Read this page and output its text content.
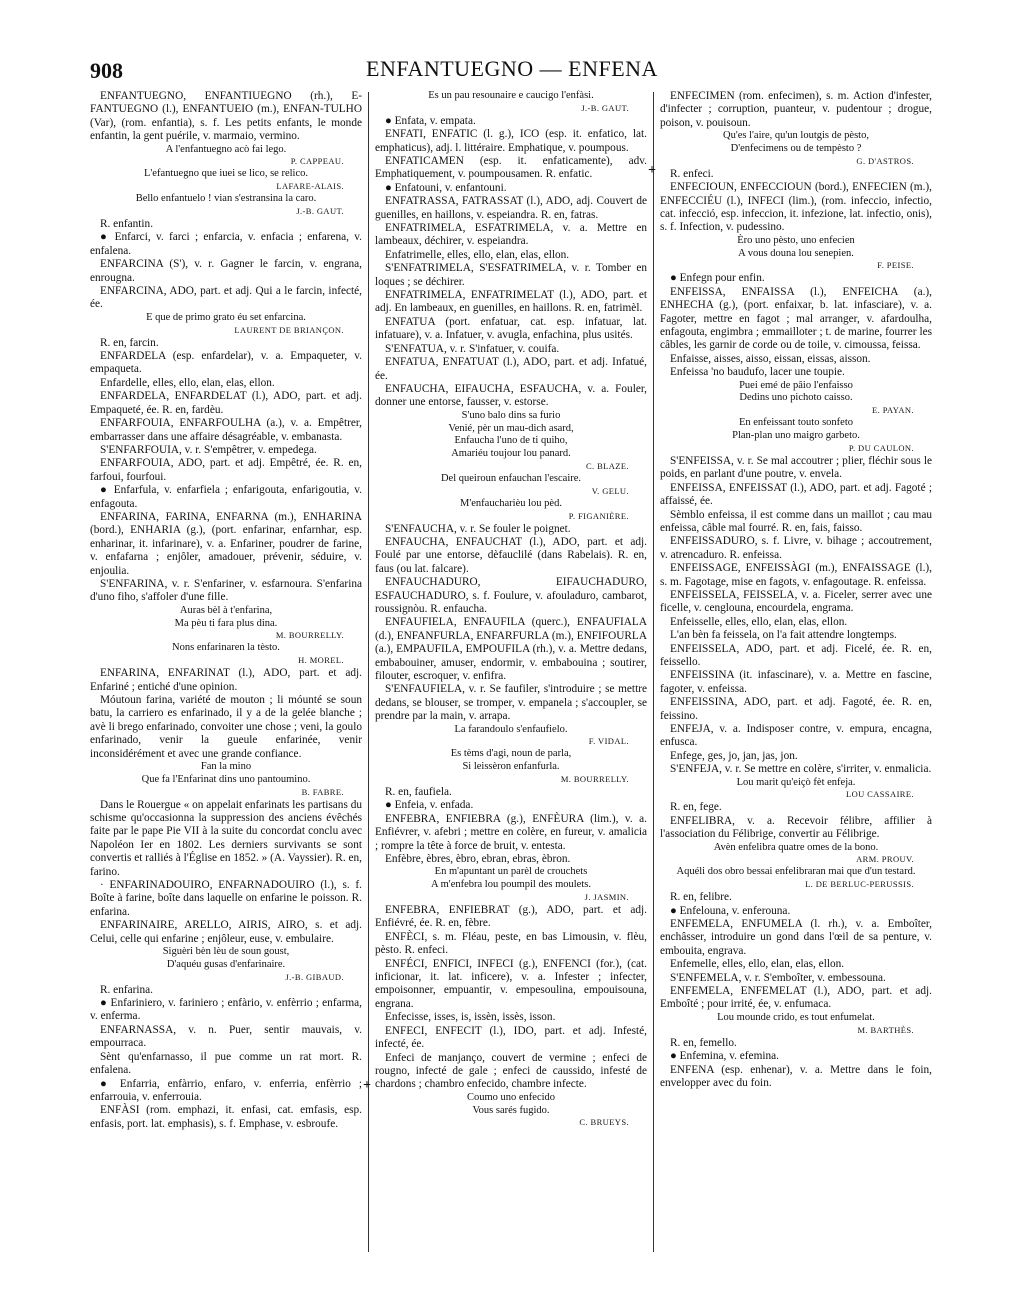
908	ENFANTUEGNO — ENFENA
+
+

ENFANTUEGNO, ENFANTIUEGNO (rh.), E-FANTUEGNO (l.), ENFANTUEIO (m.), ENFAN-TULHO (Var), (rom. enfantia), s. f. Les petits enfants, le monde enfantin, la gent puérile, v. marmaio, vermino.

A l'enfantuegno acò fai lego.

P. CAPPEAU.

L'efantuegno que iuei se lico, se relico.

LAFARE-ALAIS.

Bello enfantuelo ! vian s'estransina la caro.

J.-B. GAUT.

R. enfantin.

● Enfarci, v. farci ; enfarcia, v. enfacia ; enfarena, v. enfalena.

ENFARCINA (S'), v. r. Gagner le farcin, v. engrana, enrougna.

ENFARCINA, ADO, part. et adj. Qui a le farcin, infecté, ée.

E que de primo grato éu set enfarcina.

LAURENT DE BRIANÇON.

R. en, farcin.

ENFARDELA (esp. enfardelar), v. a. Empaqueter, v. empaqueta.

Enfardelle, elles, ello, elan, elas, ellon.

ENFARDELA, ENFARDELAT (l.), ADO, part. et adj. Empaqueté, ée. R. en, fardèu.

ENFARFOUIA, ENFARFOULHA (a.), v. a. Empêtrer, embarrasser dans une affaire désagréable, v. embanasta.

S'ENFARFOUIA, v. r. S'empêtrer, v. empedega.

ENFARFOUIA, ADO, part. et adj. Empêtré, ée. R. en, farfoui, fourfoui.

● Enfarfula, v. enfarfiela ; enfarigouta, enfarigoutia, v. enfagouta.

ENFARINA, FARINA, ENFARNA (m.), ENHARINA (bord.), ENHARIA (g.), (port. enfarinar, enfarnhar, esp. enharinar, it. infarinare), v. a. Enfariner, poudrer de farine, v. enfafarna ; enjôler, amadouer, prévenir, séduire, v. enjoulia.

S'ENFARINA, v. r. S'enfariner, v. esfarnoura. S'enfarina d'uno fiho, s'affoler d'une fille.

Auras bèl à t'enfarina,

Ma pèu ti fara plus dina.

M. BOURRELLY.

Nons enfarinaren la tèsto.

H. MOREL.

ENFARINA, ENFARINAT (l.), ADO, part. et adj. Enfariné ; entiché d'une opinion.

Móutoun farina, variété de mouton ; li móunté se soun batu, la carriero es enfarinado, il y a de la gelée blanche ; avè li brego enfarinado, convoiter une chose ; veni, la goulo enfarinado, venir la gueule enfarinée, venir inconsidérément et avec une grande confiance.

Fan la mino

Que fa l'Enfarinat dins uno pantoumino.

B. FABRE.

Dans le Rouergue « on appelait enfarinats les partisans du schisme qu'occasionna la suppression des anciens évêchés faite par le pape Pie VII à la suite du concordat conclu avec Napoléon Ier en 1802. Les derniers survivants se sont convertis et ralliés à l'Église en 1852. » (A. Vayssier). R. en, farino.

· ENFARINADOUIRO, ENFARNADOUIRO (l.), s. f. Boîte à farine, boîte dans laquelle on enfarine le poisson. R. enfarina.

ENFARINAIRE, ARELLO, AIRIS, AIRO, s. et adj. Celui, celle qui enfarine ; enjôleur, euse, v. embulaire.

Siguèri bèn lèu de soun goust,

D'aquéu gusas d'enfarinaire.

J.-B. GIBAUD.

R. enfarina.

● Enfariniero, v. fariniero ; enfàrio, v. enfèrrio ; enfarma, v. enferma.

ENFARNASSA, v. n. Puer, sentir mauvais, v. empourraca.

Sènt qu'enfarnasso, il pue comme un rat mort. R. enfalena.

● Enfarria, enfàrrio, enfaro, v. enferria, enfèrrio ; enfarrouia, v. enferrouia.

ENFÀSI (rom. emphazi, it. enfasi, cat. emfasis, esp. enfasis, port. lat. emphasis), s. f. Emphase, v. esbroufe.

Es un pau resounaire e caucigo l'enfàsi.

J.-B. GAUT.

● Enfata, v. empata.

ENFATI, ENFATIC (l. g.), ICO (esp. it. enfatico, lat. emphaticus), adj. l. littéraire. Emphatique, v. poumpous.

ENFATICAMEN (esp. it. enfaticamente), adv. Emphatiquement, v. poumpousamen. R. enfatic.

● Enfatouni, v. enfantouni.

ENFATRASSA, FATRASSAT (l.), ADO, adj. Couvert de guenilles, en haillons, v. espeiandra. R. en, fatras.

ENFATRIMELA, ESFATRIMELA, v. a. Mettre en lambeaux, déchirer, v. espeiandra.

Enfatrimelle, elles, ello, elan, elas, ellon.

S'ENFATRIMELA, S'ESFATRIMELA, v. r. Tomber en loques ; se déchirer.

ENFATRIMELA, ENFATRIMELAT (l.), ADO, part. et adj. En lambeaux, en guenilles, en haillons. R. en, fatrimèl.

ENFATUA (port. enfatuar, cat. esp. infatuar, lat. infatuare), v. a. Infatuer, v. avugla, enfachina, plus usités.

S'ENFATUA, v. r. S'infatuer, v. couifa.

ENFATUA, ENFATUAT (l.), ADO, part. et adj. Infatué, ée.

ENFAUCHA, EIFAUCHA, ESFAUCHA, v. a. Fouler, donner une entorse, fausser, v. estorse.

S'uno balo dins sa furio

Venié, pèr un mau-dich asard,

Enfaucha l'uno de ti quiho,

Amariéu toujour lou panard.

C. BLAZE.

Del queiroun enfauchan l'escaire.

V. GELU.

M'enfaucharièu lou pèd.

P. FIGANIÈRE.

S'ENFAUCHA, v. r. Se fouler le poignet.

ENFAUCHA, ENFAUCHAT (l.), ADO, part. et adj. Foulé par une entorse, dèfauclilé (dans Rabelais). R. en, faus (ou lat. falcare).

ENFAUCHADURO, EIFAUCHADURO, ESFAUCHADURO, s. f. Foulure, v. afouladuro, cambarot, roussignòu. R. enfaucha.

ENFAUFIELA, ENFAUFILA (querc.), ENFAUFIALA (d.), ENFANFURLA, ENFARFURLA (m.), ENFIFOURLA (a.), EMPAUFILA, EMPOUFILA (rh.), v. a. Mettre dedans, embabouiner, amuser, endormir, v. embabouina ; soutirer, filouter, escroquer, v. enfifra.

S'ENFAUFIELA, v. r. Se faufiler, s'introduire ; se mettre dedans, se blouser, se tromper, v. empanela ; s'accoupler, se prendre par la main, v. arrapa.

La farandoulo s'enfaufielo.

F. VIDAL.

Es tèms d'agi, noun de parla,

Si leissèron enfanfurla.

M. BOURRELLY.

R. en, faufiela.

● Enfeia, v. enfada.

ENFEBRA, ENFIEBRA (g.), ENFÈURA (lim.), v. a. Enfiévrer, v. afebri ; mettre en colère, en fureur, v. amalicia ; rompre la tête à force de bruit, v. entesta.

Enfèbre, èbres, èbro, ebran, ebras, èbron.

En m'apuntant un parèl de crouchets

A m'enfebra lou poumpil des moulets.

J. JASMIN.

ENFEBRA, ENFIEBRAT (g.), ADO, part. et adj. Enfiévré, ée. R. en, fèbre.

ENFÈCI, s. m. Fléau, peste, en bas Limousin, v. flèu, pèsto. R. enfeci.

ENFÉCI, ENFICI, INFECI (g.), ENFENCI (for.), (cat. inficionar, it. lat. inficere), v. a. Infester ; infecter, empoisonner, empuantir, v. empesoulina, empouisouna, engrana.

Enfecisse, isses, is, issèn, issès, isson.

ENFECI, ENFECIT (l.), IDO, part. et adj. Infesté, infecté, ée.

Enfeci de manjanço, couvert de vermine ; enfeci de rougno, infecté de gale ; enfeci de caussido, infesté de chardons ; chambro enfecido, chambre infecte.

Coumo uno enfecido

Vous sarés fugido.

C. BRUEYS.

ENFECIMEN (rom. enfecimen), s. m. Action d'infester, d'infecter ; corruption, puanteur, v. pudentour ; drogue, poison, v. pouisoun.

Qu'es l'aire, qu'un loutgis de pèsto,

D'enfecimens ou de tempèsto ?

G. D'ASTROS.

R. enfeci.

ENFECIOUN, ENFECCIOUN (bord.), ENFECIEN (m.), ENFECCIÉU (l.), INFECI (lim.), (rom. infeccio, infectio, cat. infecció, esp. infeccion, it. infezione, lat. infectio, onis), s. f. Infection, v. pudessino.

Èro uno pèsto, uno enfecien

A vous douna lou senepien.

F. PEISE.

● Enfegn pour enfin.

ENFEISSA, ENFAISSA (l.), ENFEICHA (a.), ENHECHA (g.), (port. enfaixar, b. lat. infasciare), v. a. Fagoter, mettre en fagot ; mal arranger, v. afardoulha, enfagouta, engimbra ; emmailloter ; t. de marine, fourrer les câbles, les garnir de corde ou de toile, v. cimoussa, feissa.

Enfaisse, aisses, aisso, eissan, eissas, aisson.

Enfeissa 'no baudufo, lacer une toupie.

Puei emé de pâio l'enfaisso

Dedins uno pichoto caisso.

E. PAYAN.

En enfeissant touto sonfeto

Plan-plan uno maigro garbeto.

P. DU CAULON.

S'ENFEISSA, v. r. Se mal accoutrer ; plier, fléchir sous le poids, en parlant d'une poutre, v. envela.

ENFEISSA, ENFEISSAT (l.), ADO, part. et adj. Fagoté ; affaissé, ée.

Sèmblo enfeissa, il est comme dans un maillot ; cau mau enfeissa, câble mal fourré. R. en, fais, faisso.

ENFEISSADURO, s. f. Livre, v. bihage ; accoutrement, v. atrencaduro. R. enfeissa.

ENFEISSAGE, ENFEISSÀGI (m.), ENFAISSAGE (l.), s. m. Fagotage, mise en fagots, v. enfagoutage. R. enfeissa.

ENFEISSELA, FEISSELA, v. a. Ficeler, serrer avec une ficelle, v. cenglouna, encourdela, engrama.

Enfeisselle, elles, ello, elan, elas, ellon.

L'an bèn fa feissela, on l'a fait attendre longtemps.

ENFEISSELA, ADO, part. et adj. Ficelé, ée. R. en, feissello.

ENFEISSINA (it. infascinare), v. a. Mettre en fascine, fagoter, v. enfeissa.

ENFEISSINA, ADO, part. et adj. Fagoté, ée. R. en, feissino.

ENFEJA, v. a. Indisposer contre, v. empura, encagna, enfusca.

Enfege, ges, jo, jan, jas, jon.

S'ENFEJA, v. r. Se mettre en colère, s'irriter, v. enmalicia.

Lou marit qu'eiçò fèt enfeja.

LOU CASSAIRE.

R. en, fege.

ENFELIBRA, v. a. Recevoir félibre, affilier à l'association du Félibrige, convertir au Félibrige.

Avèn enfelibra quatre omes de la bono.

ARM. PROUV.

Aquéli dos obro bessai enfelibraran mai que d'un testard.

L. DE BERLUC-PERUSSIS.

R. en, felibre.

● Enfelouna, v. enferouna.

ENFEMELA, ENFUMELA (l. rh.), v. a. Emboîter, enchâsser, introduire un gond dans l'œil de sa penture, v. embouita, engrava.

Enfemelle, elles, ello, elan, elas, ellon.

S'ENFEMELA, v. r. S'emboîter, v. embessouna.

ENFEMELA, ENFEMELAT (l.), ADO, part. et adj. Emboîté ; pour irrité, ée, v. enfumaca.

Lou mounde crido, es tout enfumelat.

M. BARTHÈS.

R. en, femello.

● Enfemina, v. efemina.

ENFENA (esp. enhenar), v. a. Mettre dans le foin, envelopper avec du foin.
